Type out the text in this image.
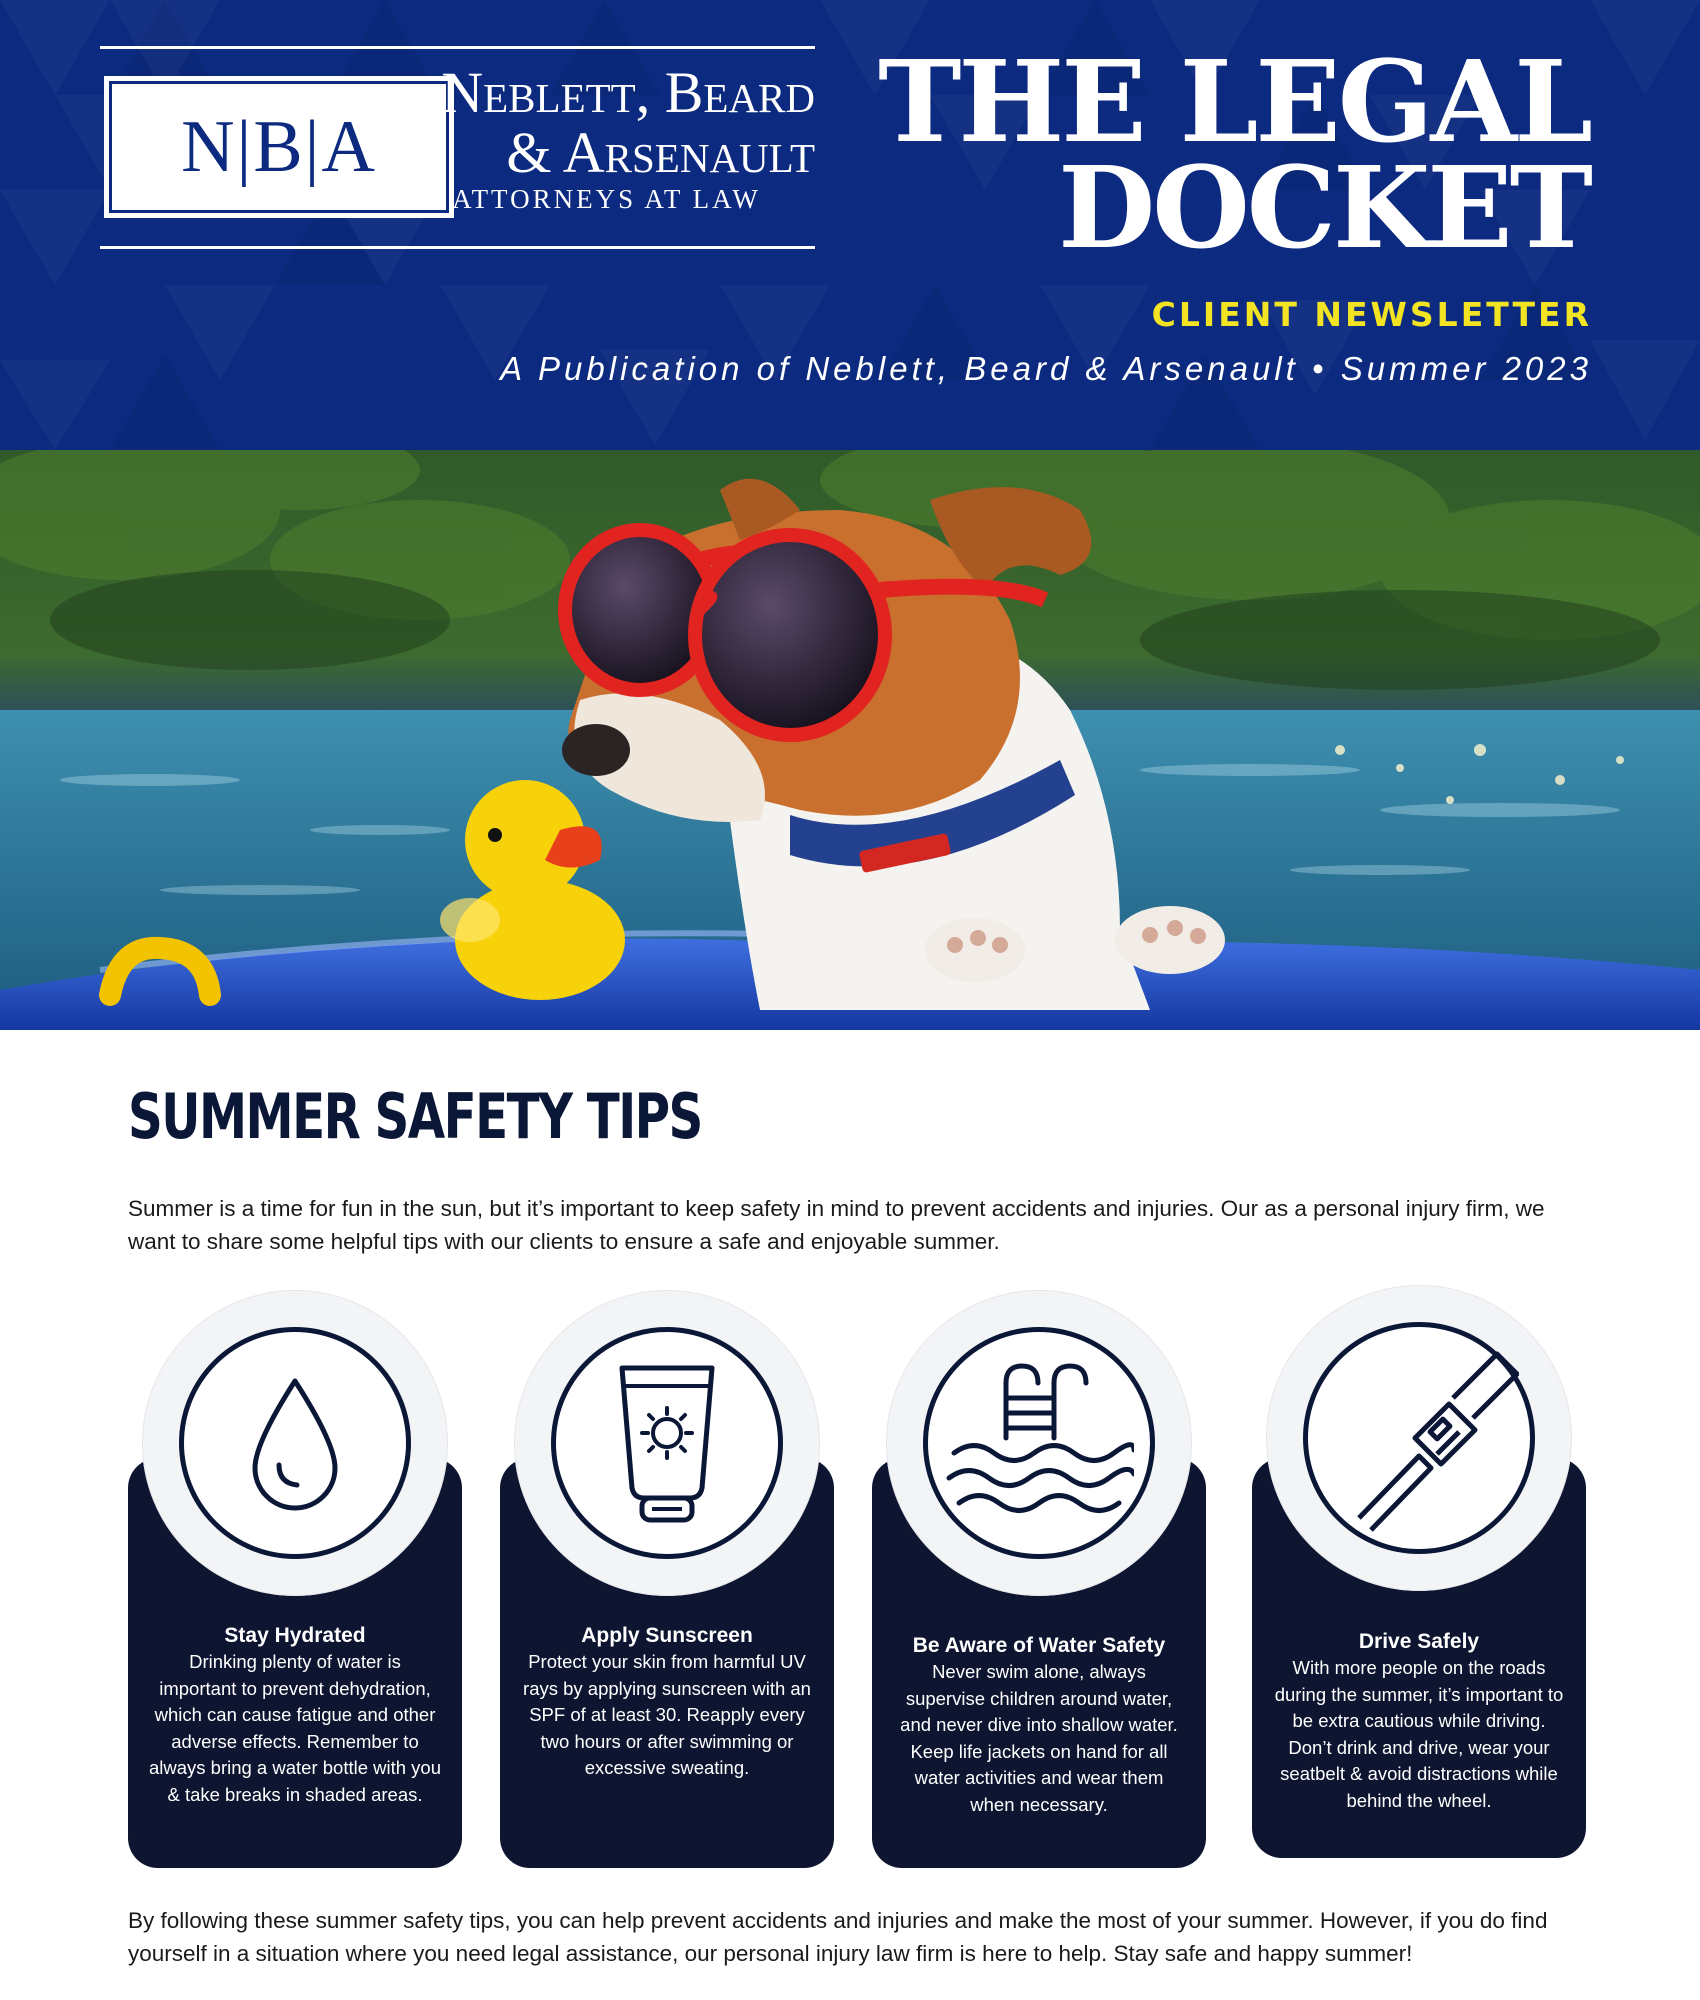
N|B|A
Neblett, Beard
& Arsenault
ATTORNEYS AT LAW
THE LEGAL
DOCKET
CLIENT NEWSLETTER
A Publication of Neblett, Beard & Arsenault • Summer 2023
SUMMER SAFETY TIPS

Summer is a time for fun in the sun, but it’s important to keep safety in mind to prevent accidents and injuries. Our as a personal injury firm, we want to share some helpful tips with our clients to ensure a safe and enjoyable summer.

Stay Hydrated
Drinking plenty of water is important to prevent dehydration, which can cause fatigue and other adverse effects. Remember to always bring a water bottle with you & take breaks in shaded areas.
Apply Sunscreen
Protect your skin from harmful UV rays by applying sunscreen with an SPF of at least 30. Reapply every two hours or after swimming or excessive sweating.
Be Aware of Water Safety
Never swim alone, always supervise children around water, and never dive into shallow water. Keep life jackets on hand for all water activities and wear them when necessary.
Drive Safely
With more people on the roads during the summer, it’s important to be extra cautious while driving. Don’t drink and drive, wear your seatbelt & avoid distractions while behind the wheel.

By following these summer safety tips, you can help prevent accidents and injuries and make the most of your summer. However, if you do find yourself in a situation where you need legal assistance, our personal injury law firm is here to help. Stay safe and happy summer!
